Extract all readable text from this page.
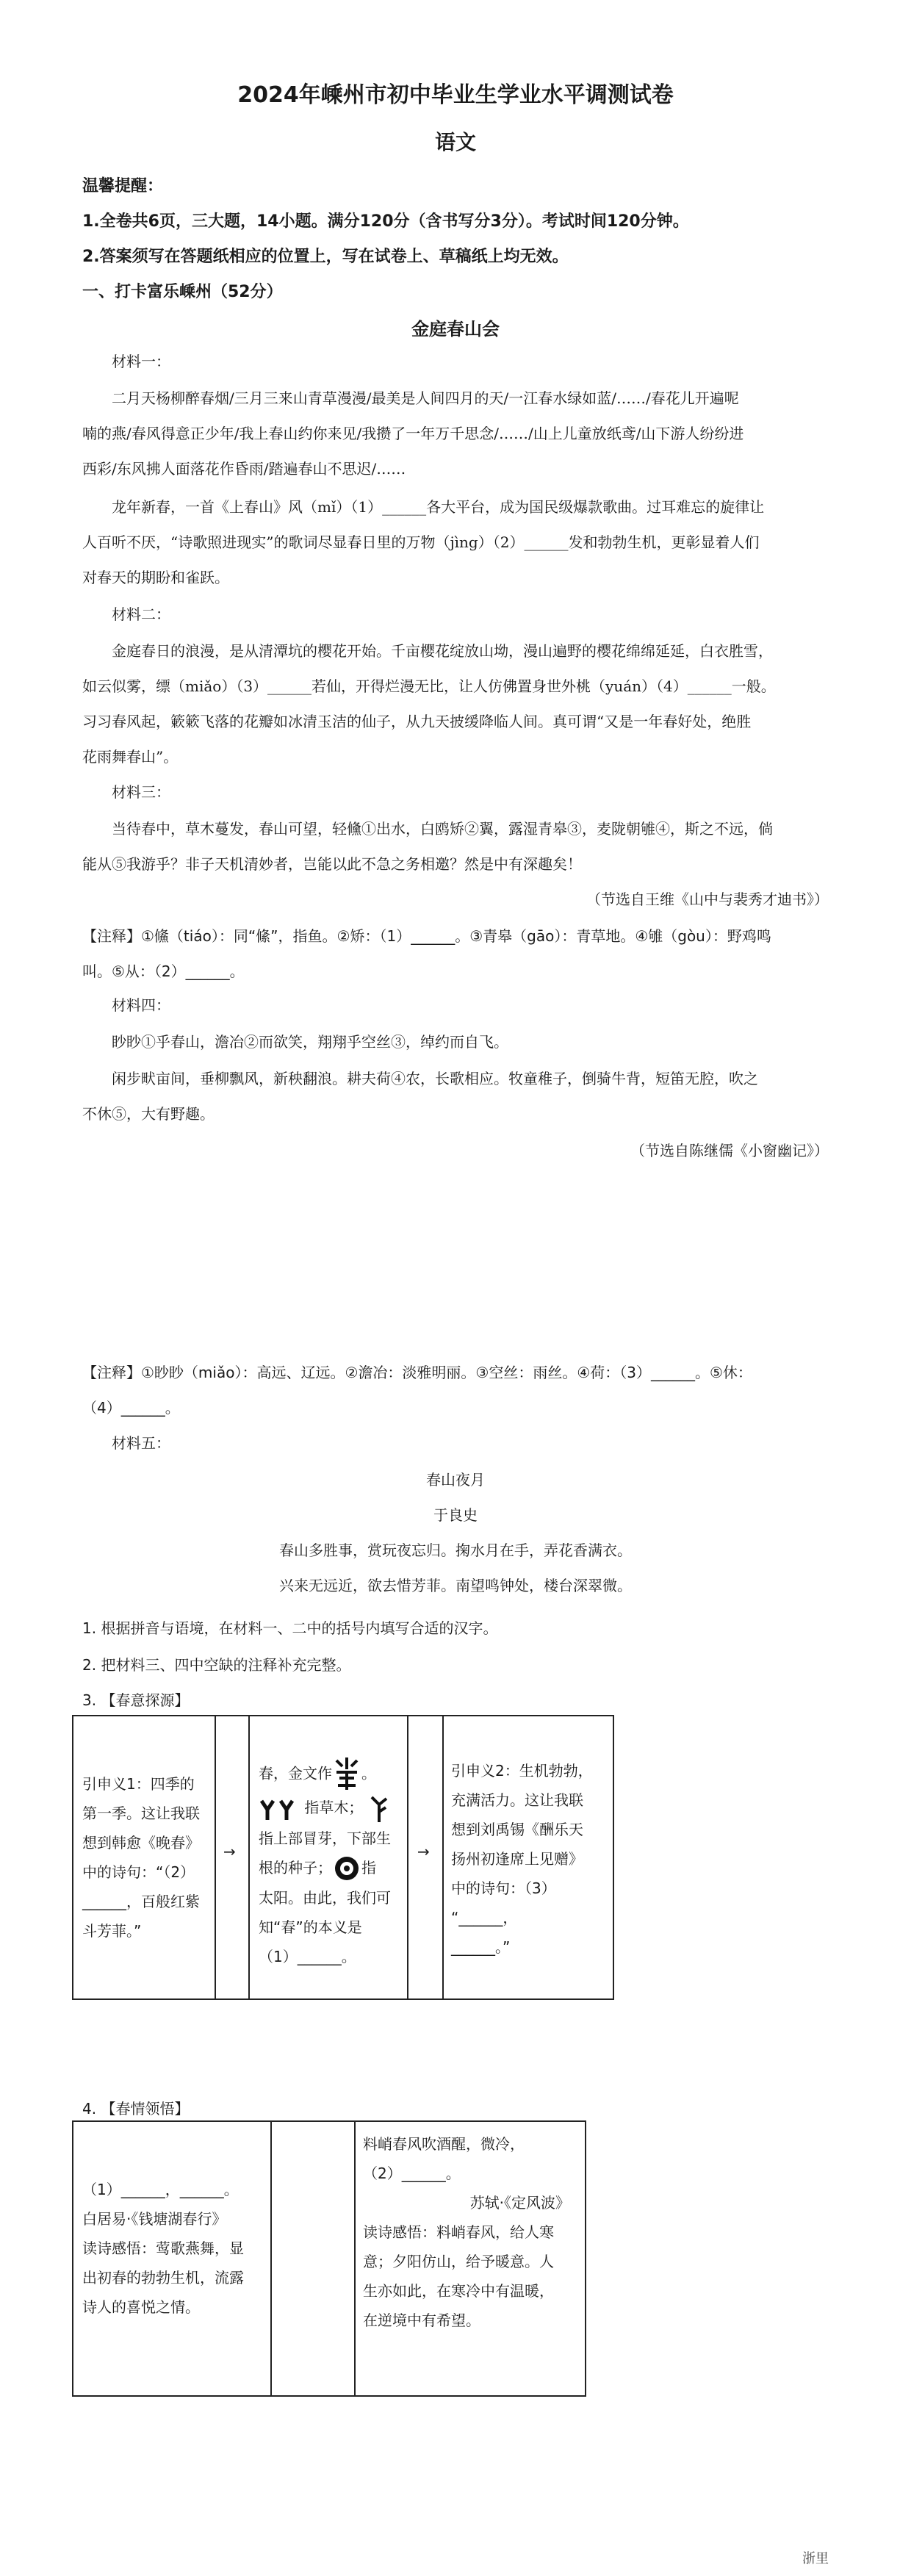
2024年嵊州市初中毕业生学业水平调测试卷
语文
温馨提醒：
1.全卷共6页，三大题，14小题。满分120分（含书写分3分）。考试时间120分钟。
2.答案须写在答题纸相应的位置上，写在试卷上、草稿纸上均无效。
一、打卡富乐嵊州（52分）
金庭春山会
材料一：
二月天杨柳醉春烟/三月三来山青草漫漫/最美是人间四月的天/一江春水绿如蓝/……/春花儿开遍呢
喃的燕/春风得意正少年/我上春山约你来见/我攒了一年万千思念/……/山上儿童放纸鸢/山下游人纷纷进
西彩/东风拂人面落花作昏雨/踏遍春山不思迟/……
龙年新春，一首《上春山》风（mǐ）（1）______各大平台，成为国民级爆款歌曲。过耳难忘的旋律让
人百听不厌，“诗歌照进现实”的歌词尽显春日里的万物（jìng）（2）______发和勃勃生机，更彰显着人们
对春天的期盼和雀跃。
材料二：
金庭春日的浪漫，是从清潭坑的樱花开始。千亩樱花绽放山坳，漫山遍野的樱花绵绵延延，白衣胜雪，
如云似雾，缥（miǎo）（3）______若仙，开得烂漫无比，让人仿佛置身世外桃（yuán）（4）______一般。
习习春风起，簌簌飞落的花瓣如冰清玉洁的仙子，从九天披缓降临人间。真可谓“又是一年春好处，绝胜
花雨舞春山”。
材料三：
当待春中，草木蔓发，春山可望，轻儵①出水，白鸥矫②翼，露湿青皋③，麦陇朝雊④，斯之不远，倘
能从⑤我游乎？非子天机清妙者，岂能以此不急之务相邀？然是中有深趣矣！
（节选自王维《山中与裴秀才迪书》）
【注释】①鯈（tiáo）：同“絛”，指鱼。②矫：（1）______。③青皋（gāo）：青草地。④雊（gòu）：野鸡鸣
叫。⑤从：（2）______。
材料四：
眇眇①乎春山，澹冶②而欲笑，翔翔乎空丝③，绰约而自飞。
闲步畎亩间，垂柳飘风，新秧翻浪。耕夫荷④农，长歌相应。牧童稚子，倒骑牛背，短笛无腔，吹之
不休⑤，大有野趣。
（节选自陈继儒《小窗幽记》）
【注释】①眇眇（miǎo）：高远、辽远。②澹冶：淡雅明丽。③空丝：雨丝。④荷：（3）______。⑤休：
（4）______。
材料五：
春山夜月
于良史
春山多胜事，赏玩夜忘归。掬水月在手，弄花香满衣。
兴来无远近，欲去惜芳菲。南望鸣钟处，楼台深翠微。
1. 根据拼音与语境，在材料一、二中的括号内填写合适的汉字。
2. 把材料三、四中空缺的注释补充完整。
3. 【春意探源】
引申义1：四季的
第一季。这让我联
想到韩愈《晚春》
中的诗句：“（2）
______，百般红紫
斗芳菲。”
→
春，金文作 。
指草木；
指上部冒芽，下部生
根的种子； 指
太阳。由此，我们可
知“春”的本义是
（1）______。
→
引申义2：生机勃勃，
充满活力。这让我联
想到刘禹锡《酬乐天
扬州初逢席上见赠》
中的诗句：（3）
“______，
______。”
4. 【春情领悟】
（1）______，______。
白居易·《钱塘湖春行》
读诗感悟：莺歌燕舞，显
出初春的勃勃生机，流露
诗人的喜悦之情。
料峭春风吹酒醒，微冷，
（2）______。
苏轼·《定风波》
读诗感悟：料峭春风，给人寒
意；夕阳仿山，给予暖意。人
生亦如此，在寒冷中有温暖，
在逆境中有希望。
浙里
